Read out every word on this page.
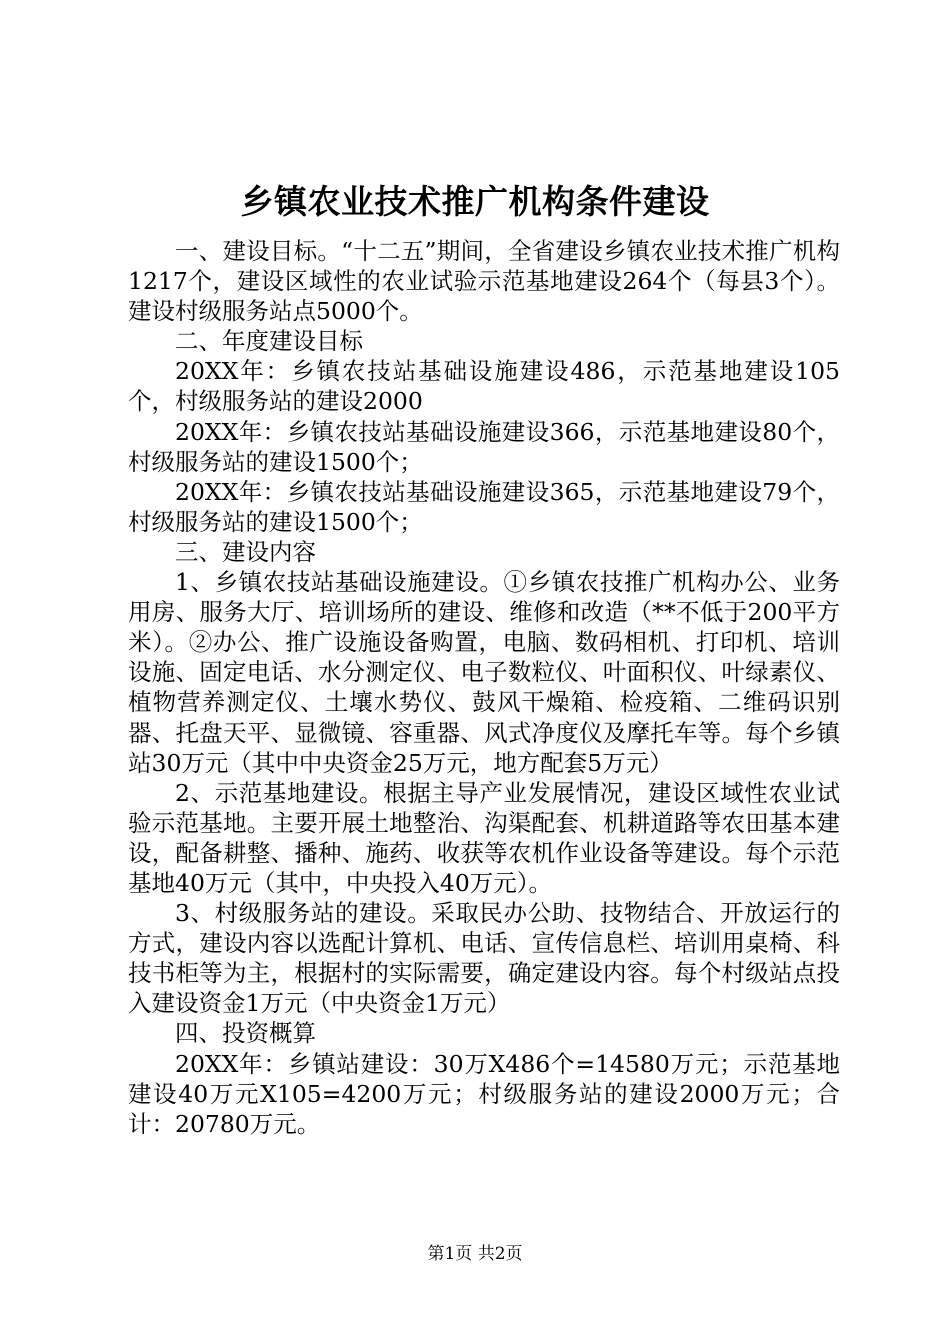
乡镇农业技术推广机构条件建设

一、建设目标。“十二五”期间，全省建设乡镇农业技术推广机构1217个，建设区域性的农业试验示范基地建设264个（每县3个）。建设村级服务站点5000个。

二、年度建设目标

20XX年：乡镇农技站基础设施建设486，示范基地建设105个，村级服务站的建设2000

20XX年：乡镇农技站基础设施建设366，示范基地建设80个，村级服务站的建设1500个；

20XX年：乡镇农技站基础设施建设365，示范基地建设79个，村级服务站的建设1500个；

三、建设内容

1、乡镇农技站基础设施建设。①乡镇农技推广机构办公、业务用房、服务大厅、培训场所的建设、维修和改造（**不低于200平方米）。②办公、推广设施设备购置，电脑、数码相机、打印机、培训设施、固定电话、水分测定仪、电子数粒仪、叶面积仪、叶绿素仪、植物营养测定仪、土壤水势仪、鼓风干燥箱、检疫箱、二维码识别器、托盘天平、显微镜、容重器、风式净度仪及摩托车等。每个乡镇站30万元（其中中央资金25万元，地方配套5万元）

2、示范基地建设。根据主导产业发展情况，建设区域性农业试验示范基地。主要开展土地整治、沟渠配套、机耕道路等农田基本建设，配备耕整、播种、施药、收获等农机作业设备等建设。每个示范基地40万元（其中，中央投入40万元）。

3、村级服务站的建设。采取民办公助、技物结合、开放运行的方式，建设内容以选配计算机、电话、宣传信息栏、培训用桌椅、科技书柜等为主，根据村的实际需要，确定建设内容。每个村级站点投入建设资金1万元（中央资金1万元）

四、投资概算

20XX年：乡镇站建设：30万X486个=14580万元；示范基地建设40万元X105=4200万元；村级服务站的建设2000万元；合计：20780万元。

第1页 共2页
